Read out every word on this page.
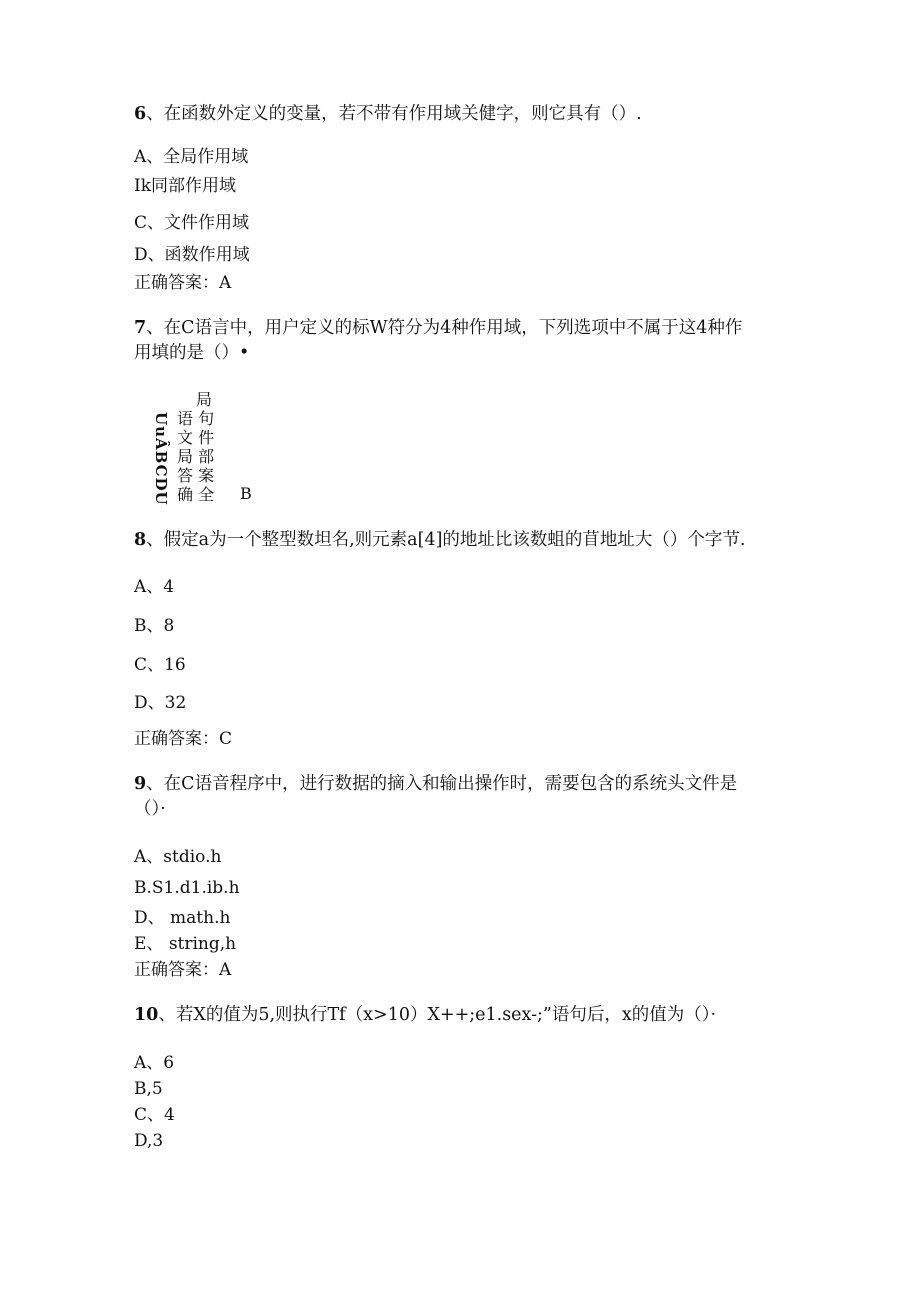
6、在函数外定义的变量，若不带有作用域关健字，则它具有（）.
A、全局作用域
Ik同部作用域
C、文件作用域
D、函数作用域
正确答案：A
7、在C语言中，用户定义的标W符分为4种作用域，下列选项中不属于这4种作
用填的是（）•
UuÂBCDU
局
语 句
文 件
局 部
答 案
确 全 B
8、假定a为一个整型数坦名,则元素a[4]的地址比该数蛆的苜地址大（）个字节.
A、4
B、8
C、16
D、32
正确答案：C
9、在C语音程序中，进行数据的摘入和输出操作时，需要包含的系统头文件是
（）·
A、stdio.h
B.S1.d1.ib.h
D、 math.h
E、 string,h
正确答案：A
10、若X的值为5,则执行Tf（x>10）X++;e1.sex-;”语句后，x的值为（）·
A、6
B,5
C、4
D,3
